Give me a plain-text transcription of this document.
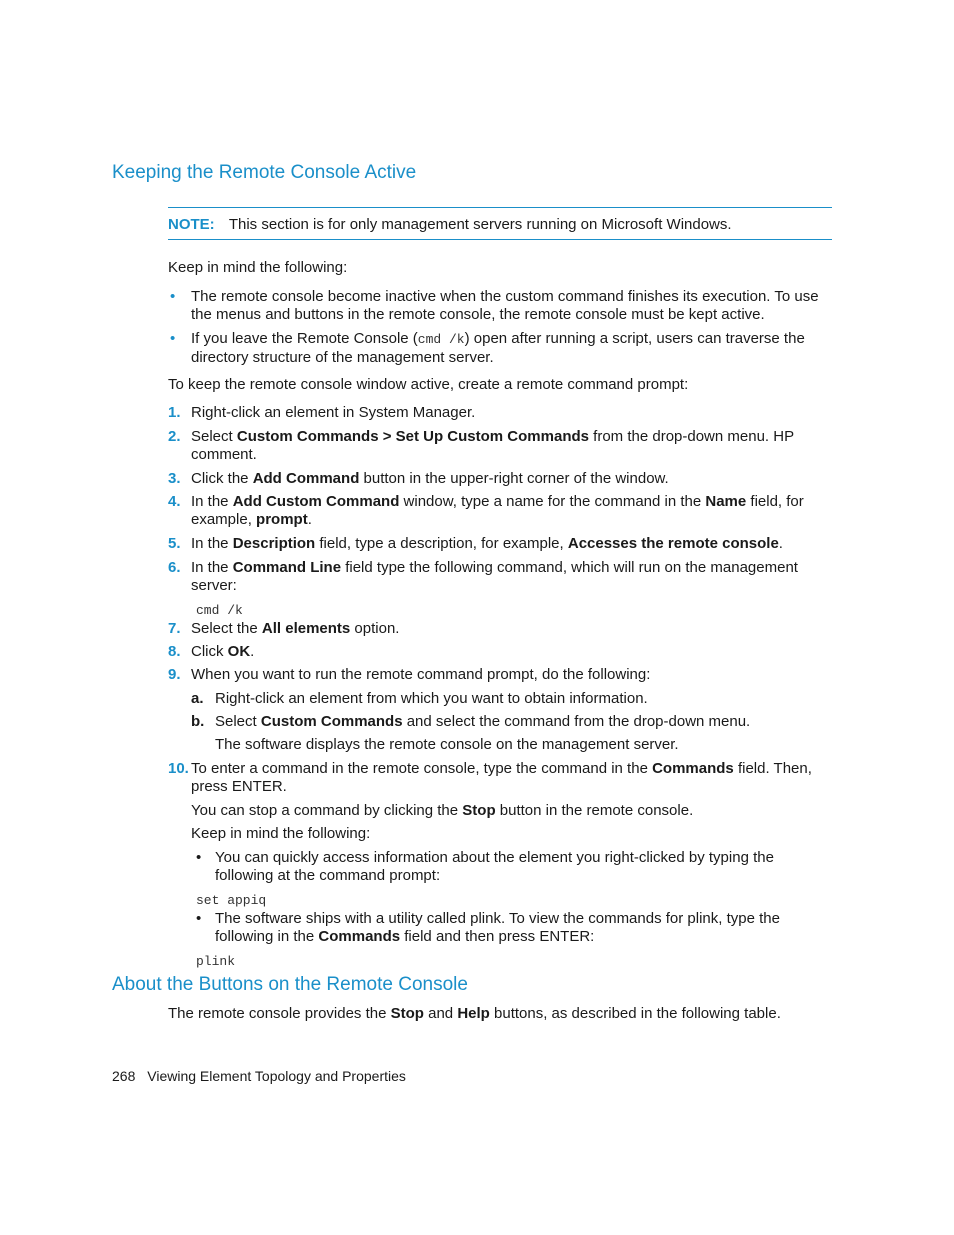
Keeping the Remote Console Active
NOTE: This section is for only management servers running on Microsoft Windows.
Keep in mind the following:
• The remote console become inactive when the custom command finishes its execution. To use the menus and buttons in the remote console, the remote console must be kept active.
• If you leave the Remote Console (cmd /k) open after running a script, users can traverse the directory structure of the management server.
To keep the remote console window active, create a remote command prompt:
1. Right-click an element in System Manager.
2. Select Custom Commands > Set Up Custom Commands from the drop-down menu. HP comment.
3. Click the Add Command button in the upper-right corner of the window.
4. In the Add Custom Command window, type a name for the command in the Name field, for example, prompt.
5. In the Description field, type a description, for example, Accesses the remote console.
6. In the Command Line field type the following command, which will run on the management server:
cmd /k
7. Select the All elements option.
8. Click OK.
9. When you want to run the remote command prompt, do the following:
a. Right-click an element from which you want to obtain information.
b. Select Custom Commands and select the command from the drop-down menu.
The software displays the remote console on the management server.
10. To enter a command in the remote console, type the command in the Commands field. Then, press ENTER.
You can stop a command by clicking the Stop button in the remote console.
Keep in mind the following:
• You can quickly access information about the element you right-clicked by typing the following at the command prompt:
set appiq
• The software ships with a utility called plink. To view the commands for plink, type the following in the Commands field and then press ENTER:
plink
About the Buttons on the Remote Console
The remote console provides the Stop and Help buttons, as described in the following table.
268 Viewing Element Topology and Properties
